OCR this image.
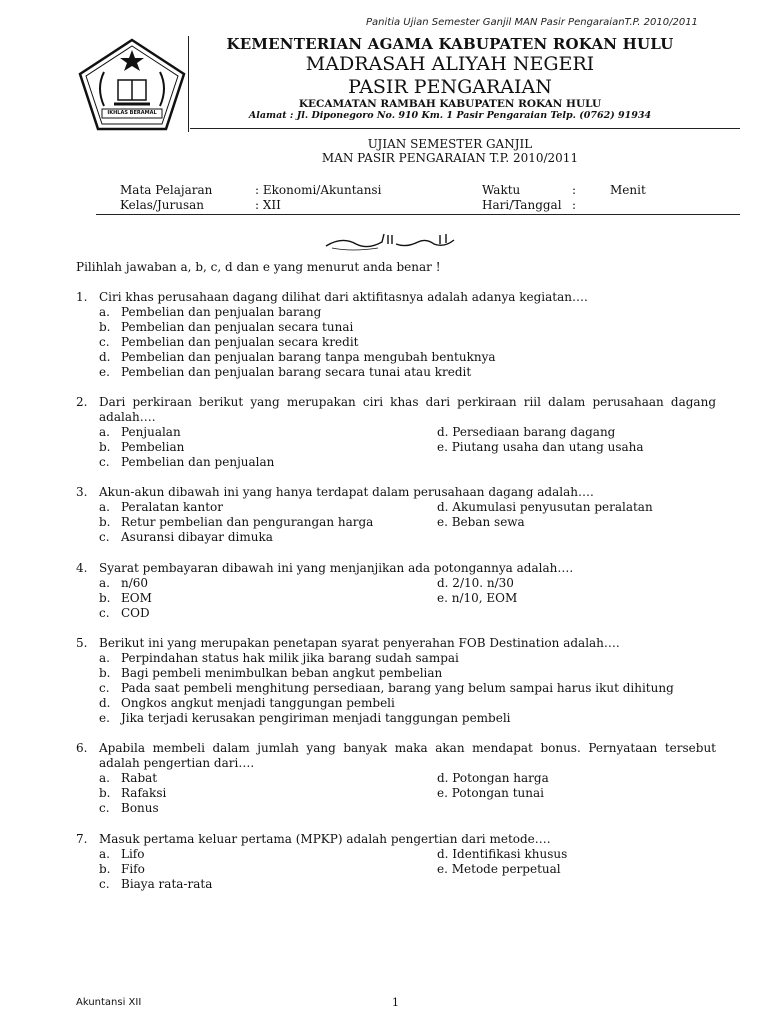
Panitia Ujian Semester Ganjil MAN Pasir PengaraianT.P. 2010/2011
IKHLAS BERAMAL
KEMENTERIAN AGAMA KABUPATEN ROKAN HULU
MADRASAH ALIYAH NEGERI
PASIR PENGARAIAN
KECAMATAN RAMBAH KABUPATEN ROKAN HULU
Alamat : Jl. Diponegoro No. 910 Km. 1 Pasir Pengaraian Telp. (0762) 91934
UJIAN SEMESTER GANJIL
MAN PASIR PENGARAIAN T.P. 2010/2011
Mata Pelajaran	: Ekonomi/Akuntansi	Waktu	:	Menit
Kelas/Jurusan	: XII	Hari/Tanggal :
Pilihlah jawaban a, b, c, d dan e yang menurut anda benar !
1. Ciri khas perusahaan dagang dilihat dari aktifitasnya adalah adanya kegiatan….
a. Pembelian dan penjualan barang
b. Pembelian dan penjualan secara tunai
c. Pembelian dan penjualan secara kredit
d. Pembelian dan penjualan barang tanpa mengubah bentuknya
e. Pembelian dan penjualan barang secara tunai atau kredit
2. Dari perkiraan berikut yang merupakan ciri khas dari perkiraan riil dalam perusahaan dagang adalah….
a. Penjualan
b. Pembelian
c. Pembelian dan penjualan
d. Persediaan barang dagang
e. Piutang usaha dan utang usaha
3. Akun-akun dibawah ini yang hanya terdapat dalam perusahaan dagang adalah….
a. Peralatan kantor
b. Retur pembelian dan pengurangan harga
c. Asuransi dibayar dimuka
d. Akumulasi penyusutan peralatan
e. Beban sewa
4. Syarat pembayaran dibawah ini yang menjanjikan ada potongannya adalah….
a. n/60
b. EOM
c. COD
d. 2/10. n/30
e. n/10, EOM
5. Berikut ini yang merupakan penetapan syarat penyerahan FOB Destination adalah….
a. Perpindahan status hak milik jika barang sudah sampai
b. Bagi pembeli menimbulkan beban angkut pembelian
c. Pada saat pembeli menghitung persediaan, barang yang belum sampai harus ikut dihitung
d. Ongkos angkut menjadi tanggungan pembeli
e. Jika terjadi kerusakan pengiriman menjadi tanggungan pembeli
6. Apabila membeli dalam jumlah yang banyak maka akan mendapat bonus. Pernyataan tersebut adalah pengertian dari….
a. Rabat
b. Rafaksi
c. Bonus
d. Potongan harga
e. Potongan tunai
7. Masuk pertama keluar pertama (MPKP) adalah pengertian dari metode….
a. Lifo
b. Fifo
c. Biaya rata-rata
d. Identifikasi khusus
e. Metode perpetual
Akuntansi XII	1
